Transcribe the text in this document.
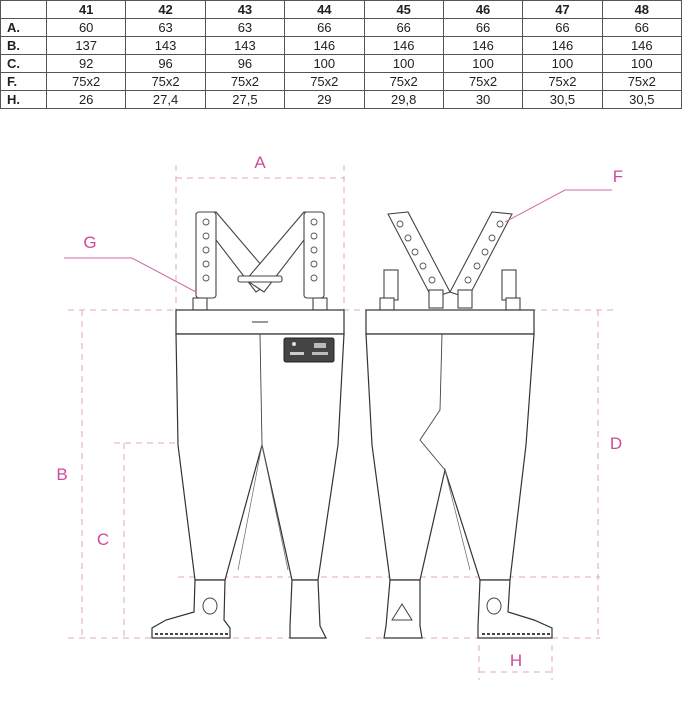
	41	42	43	44	45	46	47	48
A.	60	63	63	66	66	66	66	66
B.	137	143	143	146	146	146	146	146
C.	92	96	96	100	100	100	100	100
F.	75x2	75x2	75x2	75x2	75x2	75x2	75x2	75x2
H.	26	27,4	27,5	29	29,8	30	30,5	30,5
A
B
C
D
F
G
H
